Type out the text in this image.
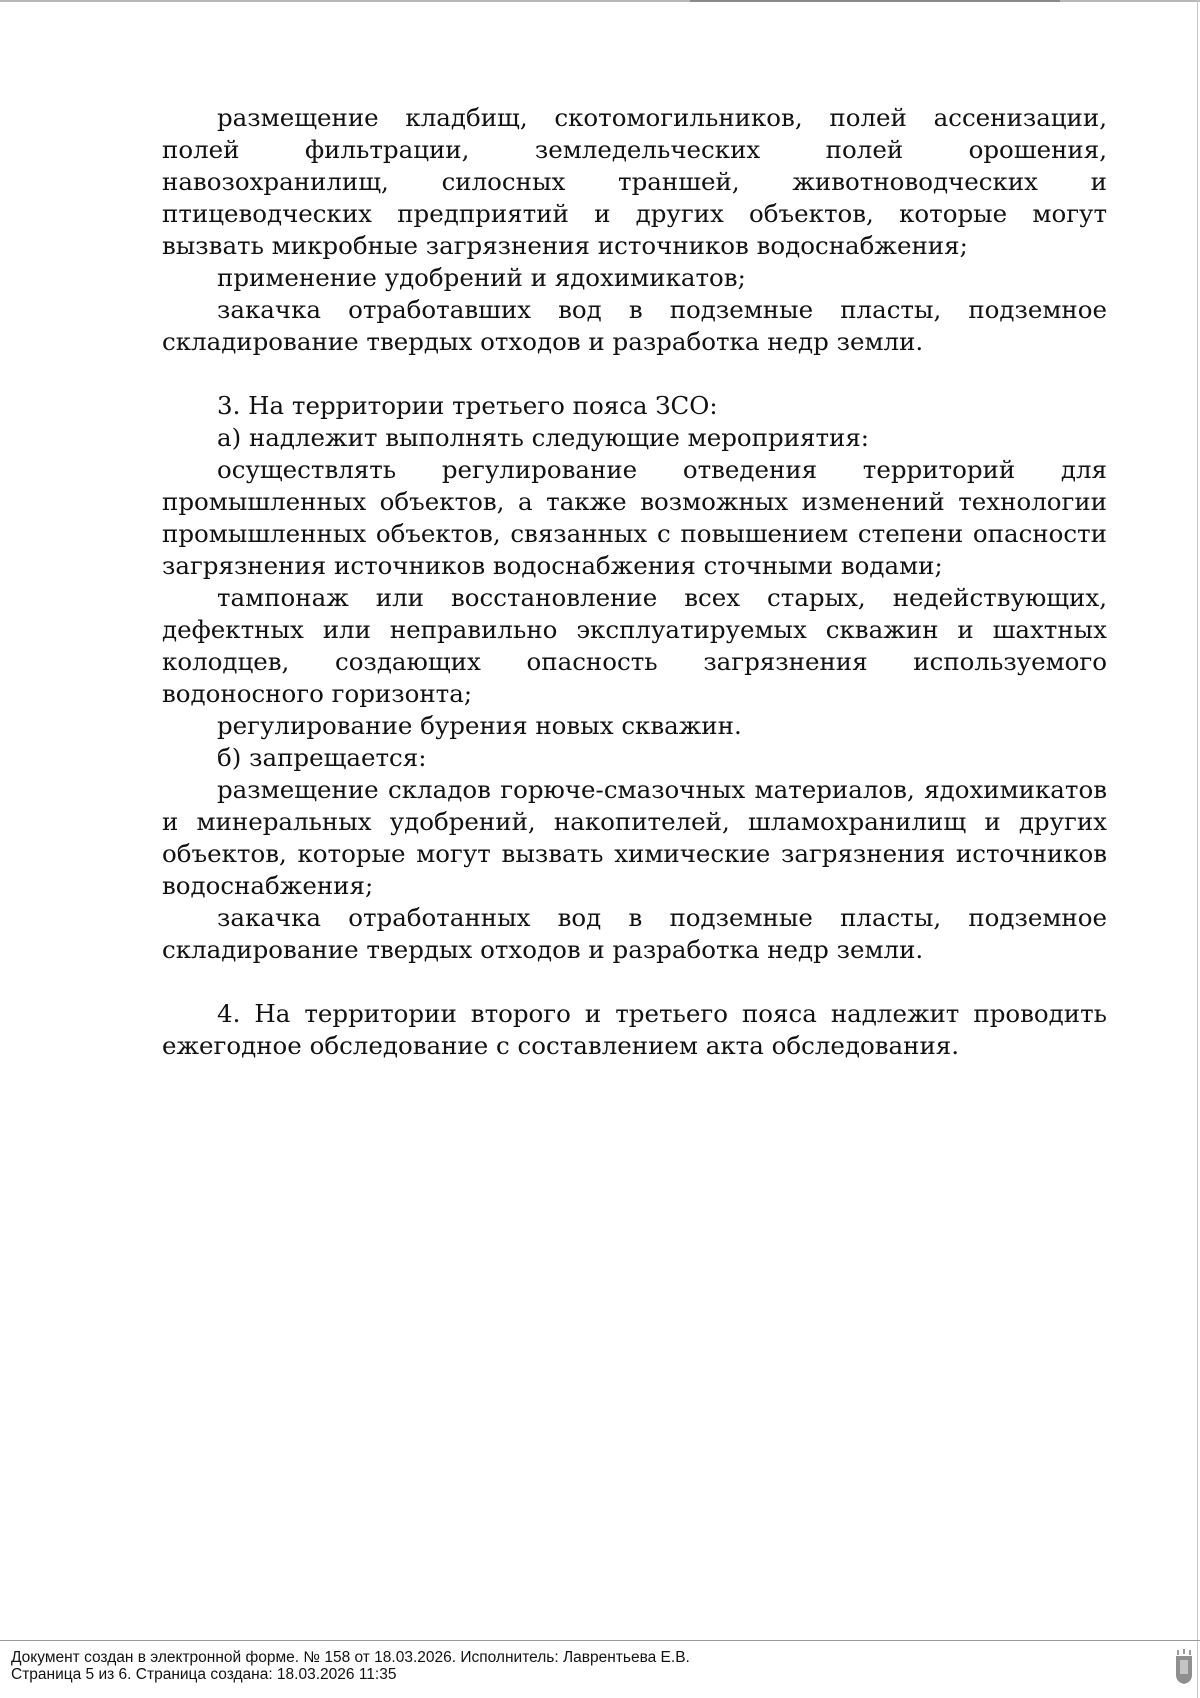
размещение кладбищ, скотомогильников, полей ассенизации, полей фильтрации, земледельческих полей орошения, навозохранилищ, силосных траншей, животноводческих и птицеводческих предприятий и других объектов, которые могут вызвать микробные загрязнения источников водоснабжения;

применение удобрений и ядохимикатов;

закачка отработавших вод в подземные пласты, подземное складирование твердых отходов и разработка недр земли.

3. На территории третьего пояса ЗСО:

а) надлежит выполнять следующие мероприятия:

осуществлять регулирование отведения территорий для промышленных объектов, а также возможных изменений технологии промышленных объектов, связанных с повышением степени опасности загрязнения источников водоснабжения сточными водами;

тампонаж или восстановление всех старых, недействующих, дефектных или неправильно эксплуатируемых скважин и шахтных колодцев, создающих опасность загрязнения используемого водоносного горизонта;

регулирование бурения новых скважин.

б) запрещается:

размещение складов горюче-смазочных материалов, ядохимикатов и минеральных удобрений, накопителей, шламохранилищ и других объектов, которые могут вызвать химические загрязнения источников водоснабжения;

закачка отработанных вод в подземные пласты, подземное складирование твердых отходов и разработка недр земли.

4. На территории второго и третьего пояса надлежит проводить ежегодное обследование с составлением акта обследования.

Документ создан в электронной форме. № 158 от 18.03.2026. Исполнитель: Лаврентьева Е.В.
Страница 5 из 6. Страница создана: 18.03.2026 11:35
